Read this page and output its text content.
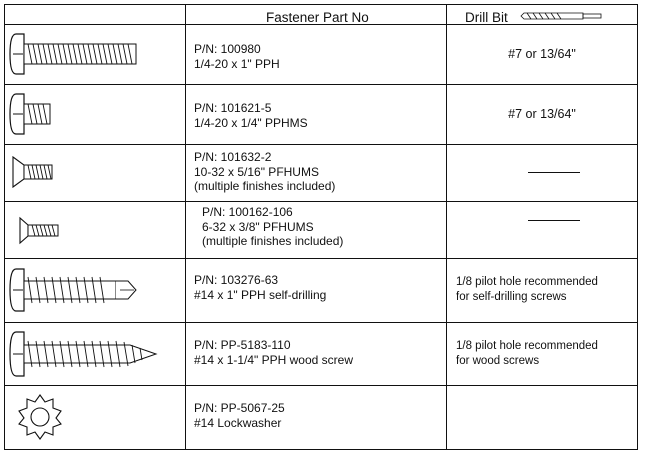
Fastener Part No	Drill Bit
P/N: 100980
1/4-20 x 1" PPH
#7 or 13/64"
P/N: 101621-5
1/4-20 x 1/4" PPHMS
#7 or 13/64"
P/N: 101632-2
10-32 x 5/16" PFHUMS
(multiple finishes included)
P/N: 100162-106
6-32 x 3/8" PFHUMS
(multiple finishes included)
P/N: 103276-63
#14 x 1" PPH self-drilling
1/8 pilot hole recommended
for self-drilling screws
P/N: PP-5183-110
#14 x 1-1/4" PPH wood screw
1/8 pilot hole recommended
for wood screws
P/N: PP-5067-25
#14 Lockwasher
